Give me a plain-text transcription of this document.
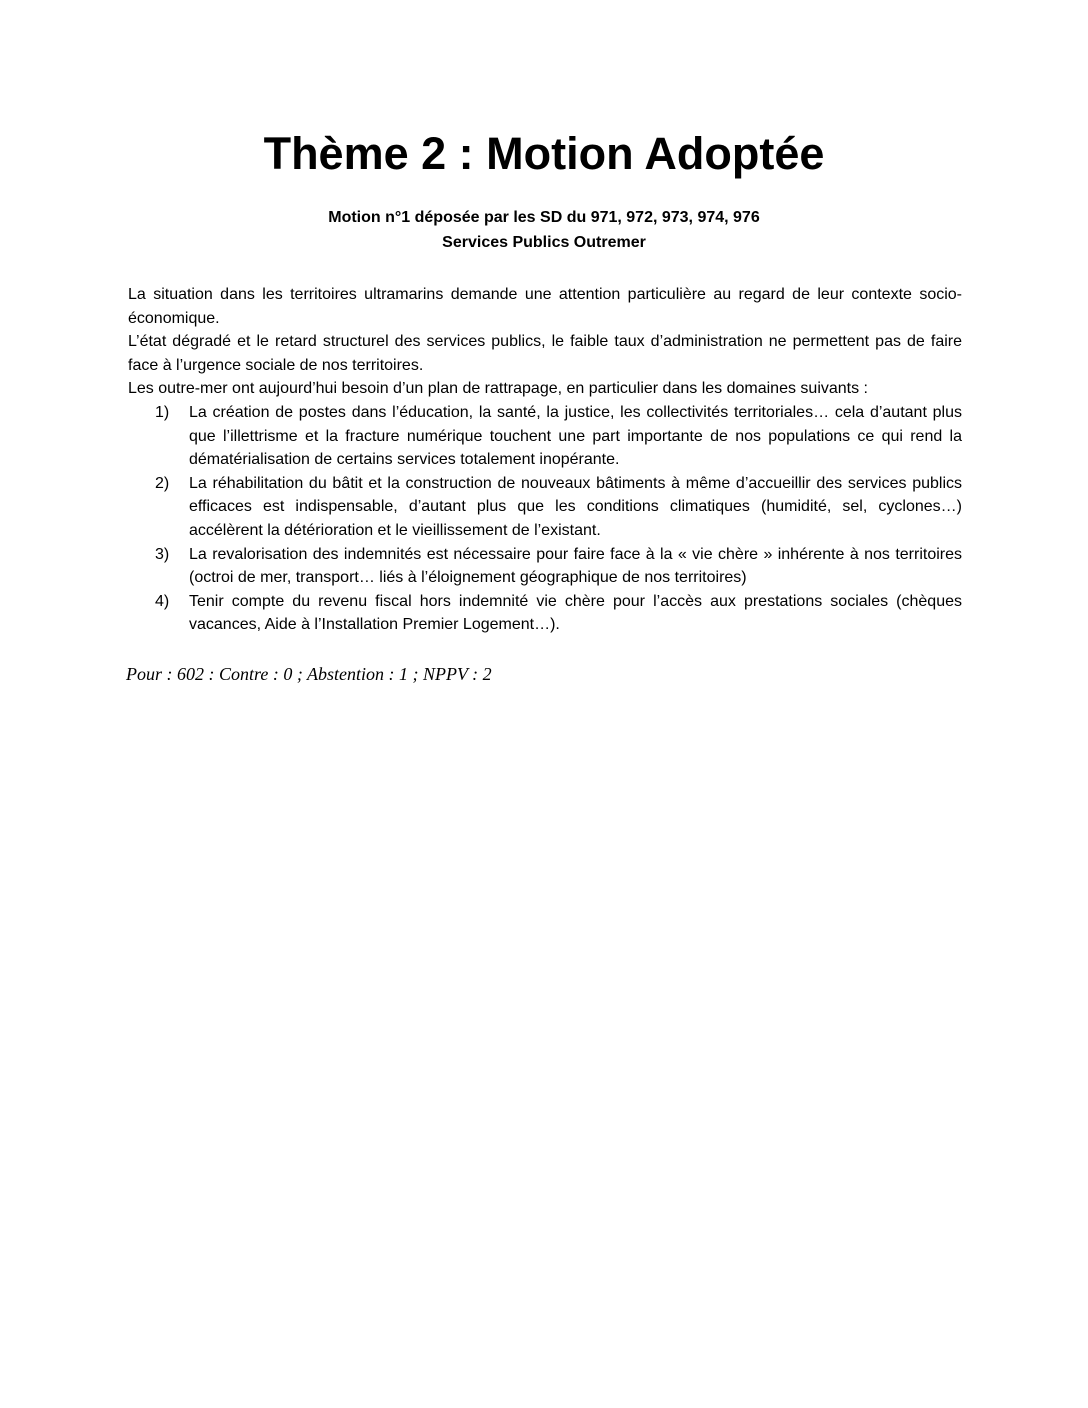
Thème 2 : Motion Adoptée

Motion n°1 déposée par les SD du 971, 972, 973, 974, 976

Services Publics Outremer

La situation dans les territoires ultramarins demande une attention particulière au regard de leur contexte socio-économique.

L’état dégradé et le retard structurel des services publics, le faible taux d’administration ne permettent pas de faire face à l’urgence sociale de nos territoires.

Les outre-mer ont aujourd’hui besoin d’un plan de rattrapage, en particulier dans les domaines suivants :

1) La création de postes dans l’éducation, la santé, la justice, les collectivités territoriales… cela d’autant plus que l’illettrisme et la fracture numérique touchent une part importante de nos populations ce qui rend la dématérialisation de certains services totalement inopérante.
2) La réhabilitation du bâtit et la construction de nouveaux bâtiments à même d’accueillir des services publics efficaces est indispensable, d’autant plus que les conditions climatiques (humidité, sel, cyclones…) accélèrent la détérioration et le vieillissement de l’existant.
3) La revalorisation des indemnités est nécessaire pour faire face à la « vie chère » inhérente à nos territoires (octroi de mer, transport… liés à l’éloignement géographique de nos territoires)
4) Tenir compte du revenu fiscal hors indemnité vie chère pour l’accès aux prestations sociales (chèques vacances, Aide à l’Installation Premier Logement…).

Pour : 602 : Contre : 0 ; Abstention : 1 ; NPPV : 2
